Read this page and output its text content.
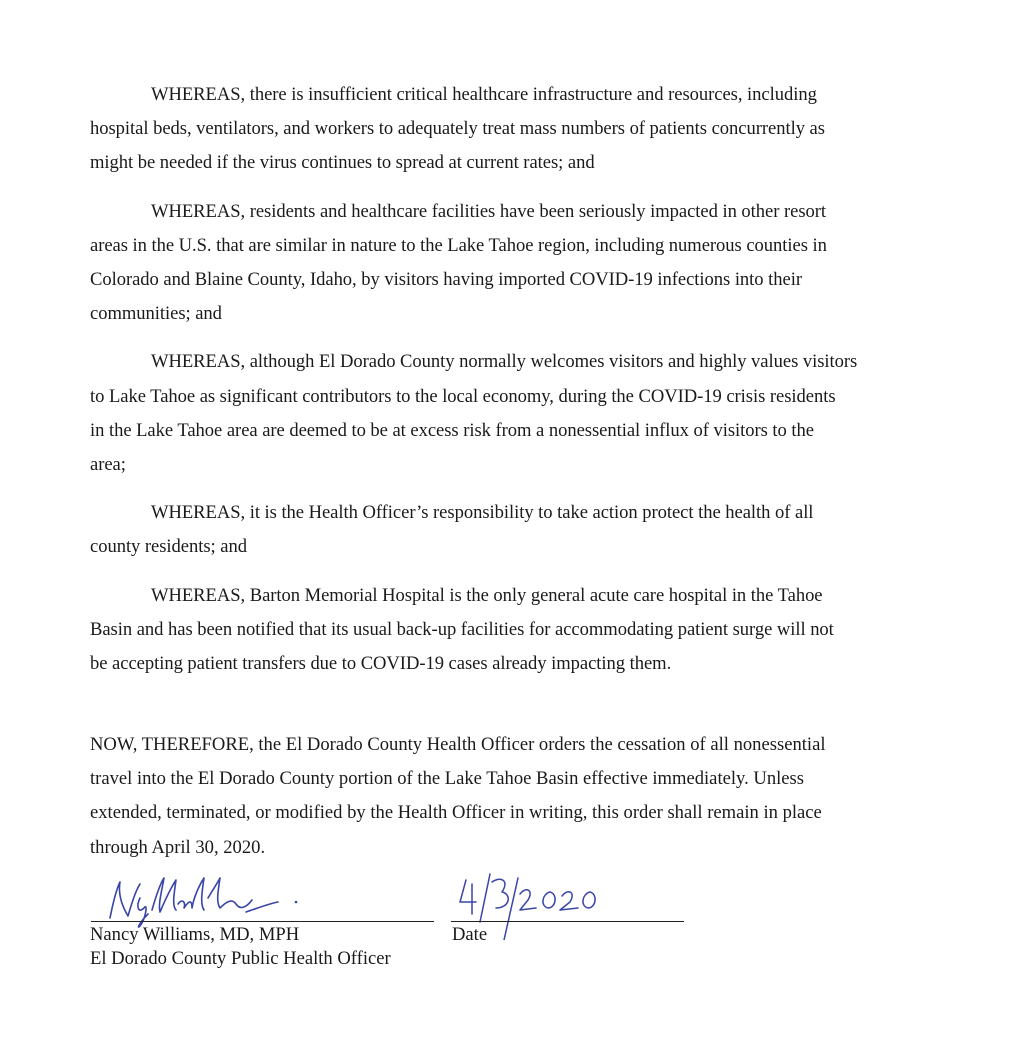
WHEREAS, there is insufficient critical healthcare infrastructure and resources, including
hospital beds, ventilators, and workers to adequately treat mass numbers of patients concurrently as
might be needed if the virus continues to spread at current rates; and

WHEREAS, residents and healthcare facilities have been seriously impacted in other resort
areas in the U.S. that are similar in nature to the Lake Tahoe region, including numerous counties in
Colorado and Blaine County, Idaho, by visitors having imported COVID-19 infections into their
communities; and

WHEREAS, although El Dorado County normally welcomes visitors and highly values visitors
to Lake Tahoe as significant contributors to the local economy, during the COVID-19 crisis residents
in the Lake Tahoe area are deemed to be at excess risk from a nonessential influx of visitors to the
area;

WHEREAS, it is the Health Officer’s responsibility to take action protect the health of all
county residents; and

WHEREAS, Barton Memorial Hospital is the only general acute care hospital in the Tahoe
Basin and has been notified that its usual back-up facilities for accommodating patient surge will not
be accepting patient transfers due to COVID-19 cases already impacting them.

NOW, THEREFORE, the El Dorado County Health Officer orders the cessation of all nonessential
travel into the El Dorado County portion of the Lake Tahoe Basin effective immediately. Unless
extended, terminated, or modified by the Health Officer in writing, this order shall remain in place
through April 30, 2020.
Nancy Williams, MD, MPH
El Dorado County Public Health Officer
Date
